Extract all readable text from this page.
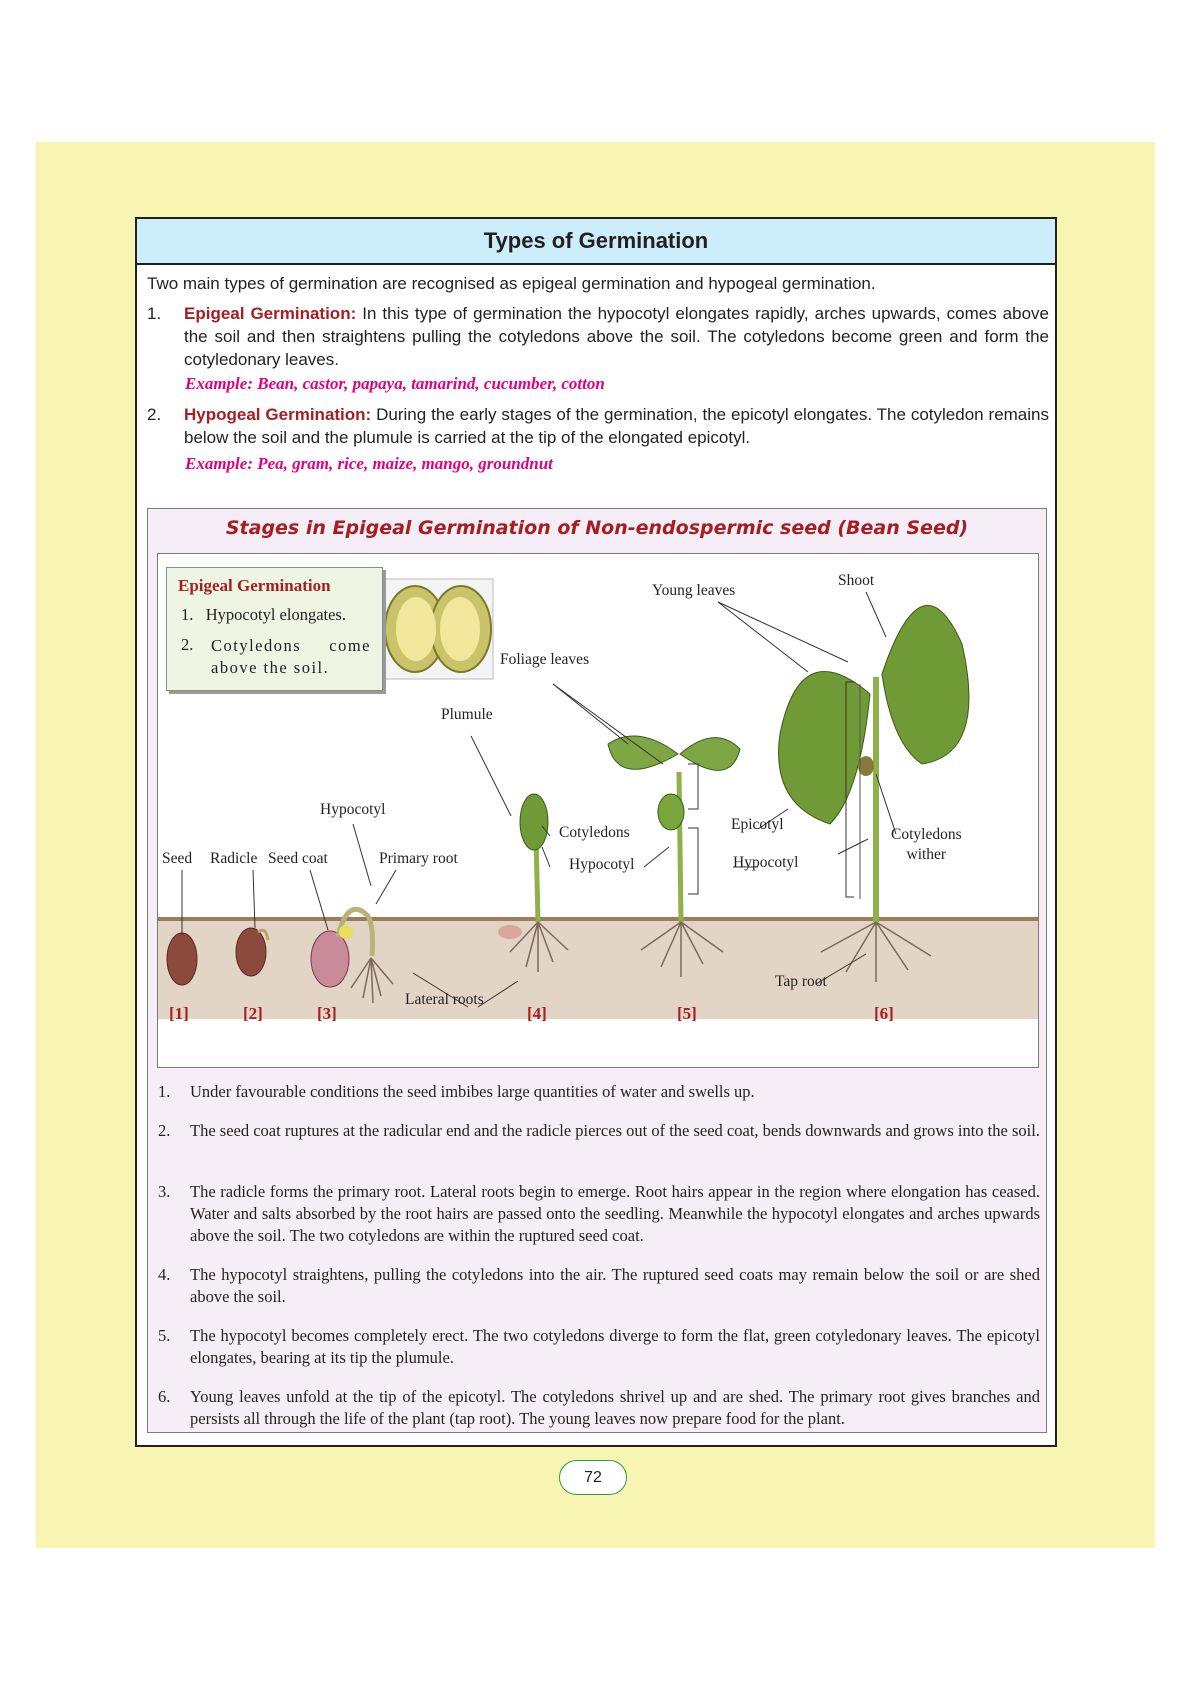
Types of Germination
Two main types of germination are recognised as epigeal germination and hypogeal germination.
1. Epigeal Germination: In this type of germination the hypocotyl elongates rapidly, arches upwards, comes above the soil and then straightens pulling the cotyledons above the soil. The cotyledons become green and form the cotyledonary leaves.
Example: Bean, castor, papaya, tamarind, cucumber, cotton
2. Hypogeal Germination: During the early stages of the germination, the epicotyl elongates. The cotyledon remains below the soil and the plumule is carried at the tip of the elongated epicotyl.
Example: Pea, gram, rice, maize, mango, groundnut
Stages in Epigeal Germination of Non-endospermic seed (Bean Seed)
Epigeal Germination
1. Hypocotyl elongates.
2. Cotyledons come above the soil.
Seed Radicle Seed coat
Hypocotyl
Primary root
Lateral roots
Plumule
Cotyledons
Hypocotyl
Foliage leaves
Epicotyl
Hypocotyl
Young leaves
Shoot
Cotyledons
wither
Tap root
[1]	[2]	[3]	[4]	[5]	[6]
1. Under favourable conditions the seed imbibes large quantities of water and swells up.
2. The seed coat ruptures at the radicular end and the radicle pierces out of the seed coat, bends downwards and grows into the soil.
3. The radicle forms the primary root. Lateral roots begin to emerge. Root hairs appear in the region where elongation has ceased. Water and salts absorbed by the root hairs are passed onto the seedling. Meanwhile the hypocotyl elongates and arches upwards above the soil. The two cotyledons are within the ruptured seed coat.
4. The hypocotyl straightens, pulling the cotyledons into the air. The ruptured seed coats may remain below the soil or are shed above the soil.
5. The hypocotyl becomes completely erect. The two cotyledons diverge to form the flat, green cotyledonary leaves. The epicotyl elongates, bearing at its tip the plumule.
6. Young leaves unfold at the tip of the epicotyl. The cotyledons shrivel up and are shed. The primary root gives branches and persists all through the life of the plant (tap root). The young leaves now prepare food for the plant.
72
